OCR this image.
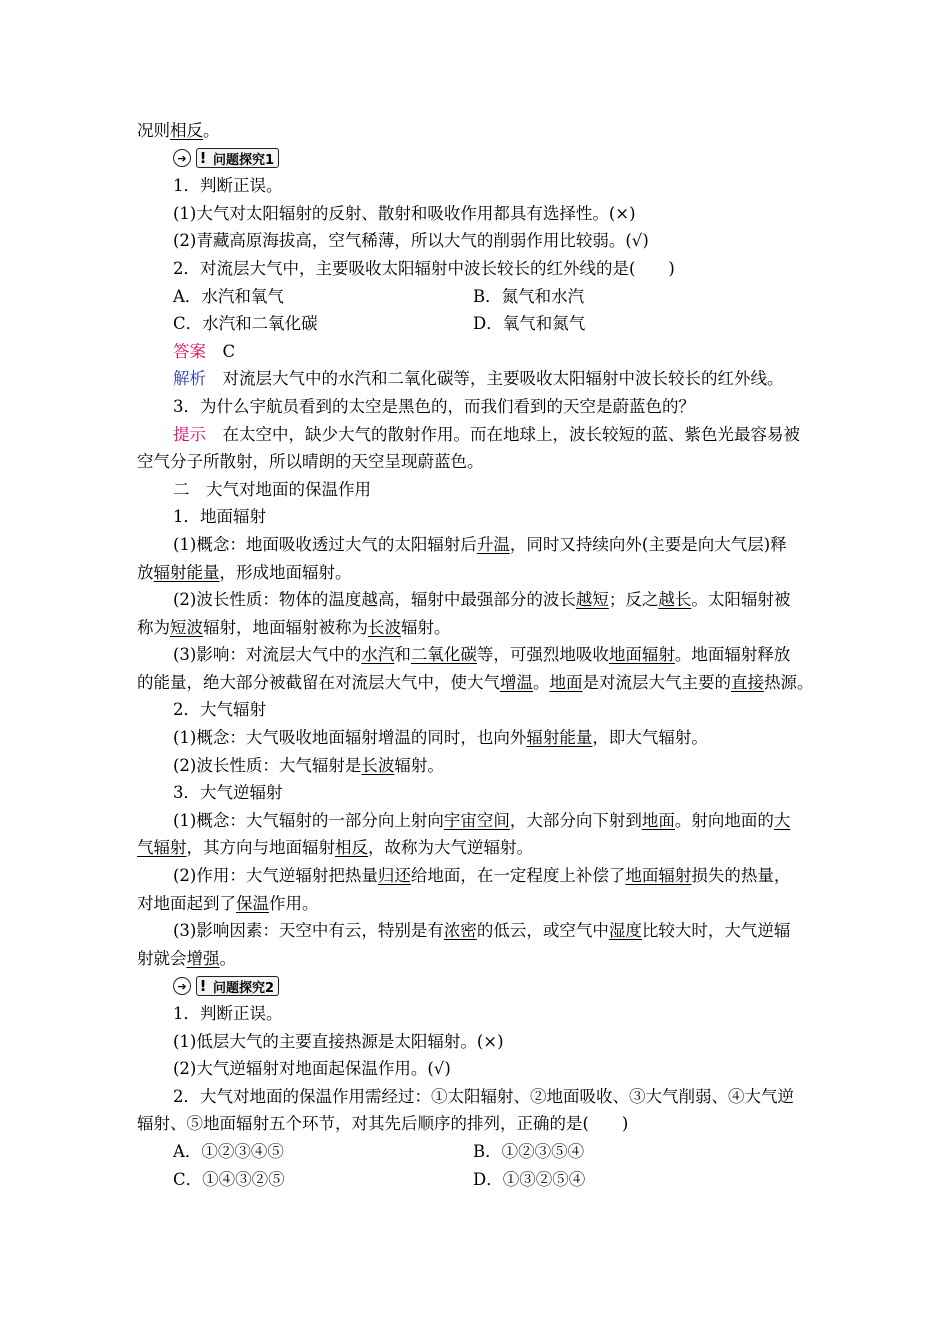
况则相反。
➔ ! 问题探究1
1．判断正误。
(1)大气对太阳辐射的反射、散射和吸收作用都具有选择性。(×)
(2)青藏高原海拔高，空气稀薄，所以大气的削弱作用比较弱。(√)
2．对流层大气中，主要吸收太阳辐射中波长较长的红外线的是(　　)
A．水汽和氧气	B．氮气和水汽
C．水汽和二氧化碳	D．氧气和氮气
答案　C
解析　对流层大气中的水汽和二氧化碳等，主要吸收太阳辐射中波长较长的红外线。
3．为什么宇航员看到的太空是黑色的，而我们看到的天空是蔚蓝色的？
提示　在太空中，缺少大气的散射作用。而在地球上，波长较短的蓝、紫色光最容易被
空气分子所散射，所以晴朗的天空呈现蔚蓝色。
二　大气对地面的保温作用
1．地面辐射
(1)概念：地面吸收透过大气的太阳辐射后升温，同时又持续向外(主要是向大气层)释
放辐射能量，形成地面辐射。
(2)波长性质：物体的温度越高，辐射中最强部分的波长越短；反之越长。太阳辐射被
称为短波辐射，地面辐射被称为长波辐射。
(3)影响：对流层大气中的水汽和二氧化碳等，可强烈地吸收地面辐射。地面辐射释放
的能量，绝大部分被截留在对流层大气中，使大气增温。地面是对流层大气主要的直接热源。
2．大气辐射
(1)概念：大气吸收地面辐射增温的同时，也向外辐射能量，即大气辐射。
(2)波长性质：大气辐射是长波辐射。
3．大气逆辐射
(1)概念：大气辐射的一部分向上射向宇宙空间，大部分向下射到地面。射向地面的大
气辐射，其方向与地面辐射相反，故称为大气逆辐射。
(2)作用：大气逆辐射把热量归还给地面，在一定程度上补偿了地面辐射损失的热量，
对地面起到了保温作用。
(3)影响因素：天空中有云，特别是有浓密的低云，或空气中湿度比较大时，大气逆辐
射就会增强。
➔ ! 问题探究2
1．判断正误。
(1)低层大气的主要直接热源是太阳辐射。(×)
(2)大气逆辐射对地面起保温作用。(√)
2．大气对地面的保温作用需经过：①太阳辐射、②地面吸收、③大气削弱、④大气逆
辐射、⑤地面辐射五个环节，对其先后顺序的排列，正确的是(　　)
A．①②③④⑤	B．①②③⑤④
C．①④③②⑤	D．①③②⑤④
